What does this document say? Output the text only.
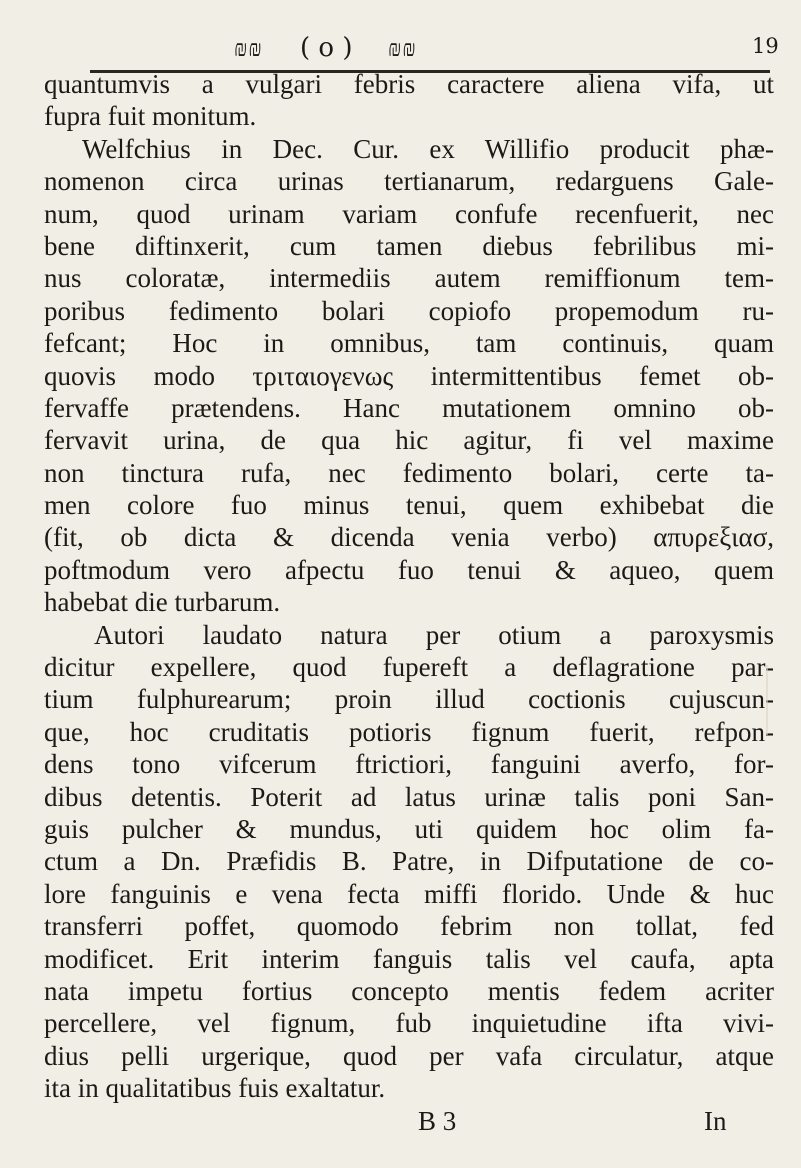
₪₪ ( o ) ₪₪	19
quantumvis a vulgari febris caractere aliena vifa, ut
fupra fuit monitum.
Welfchius in Dec. Cur. ex Willifio producit phæ-
nomenon circa urinas tertianarum, redarguens Gale-
num, quod urinam variam confufe recenfuerit, nec
bene diftinxerit, cum tamen diebus febrilibus mi-
nus coloratæ, intermediis autem remiffionum tem-
poribus fedimento bolari copiofo propemodum ru-
fefcant; Hoc in omnibus, tam continuis, quam
quovis modo τριταιογενως intermittentibus femet ob-
fervaffe prætendens. Hanc mutationem omnino ob-
fervavit urina, de qua hic agitur, fi vel maxime
non tinctura rufa, nec fedimento bolari, certe ta-
men colore fuo minus tenui, quem exhibebat die
(fit, ob dicta & dicenda venia verbo) απυρεξιασ,
poftmodum vero afpectu fuo tenui & aqueo, quem
habebat die turbarum.
Autori laudato natura per otium a paroxysmis
dicitur expellere, quod fupereft a deflagratione par-
tium fulphurearum; proin illud coctionis cujuscun-
que, hoc cruditatis potioris fignum fuerit, refpon-
dens tono vifcerum ftrictiori, fanguini averfo, for-
dibus detentis. Poterit ad latus urinæ talis poni San-
guis pulcher & mundus, uti quidem hoc olim fa-
ctum a Dn. Præfidis B. Patre, in Difputatione de co-
lore fanguinis e vena fecta miffi florido. Unde & huc
transferri poffet, quomodo febrim non tollat, fed
modificet. Erit interim fanguis talis vel caufa, apta
nata impetu fortius concepto mentis fedem acriter
percellere, vel fignum, fub inquietudine ifta vivi-
dius pelli urgerique, quod per vafa circulatur, atque
ita in qualitatibus fuis exaltatur.
B 3	In
